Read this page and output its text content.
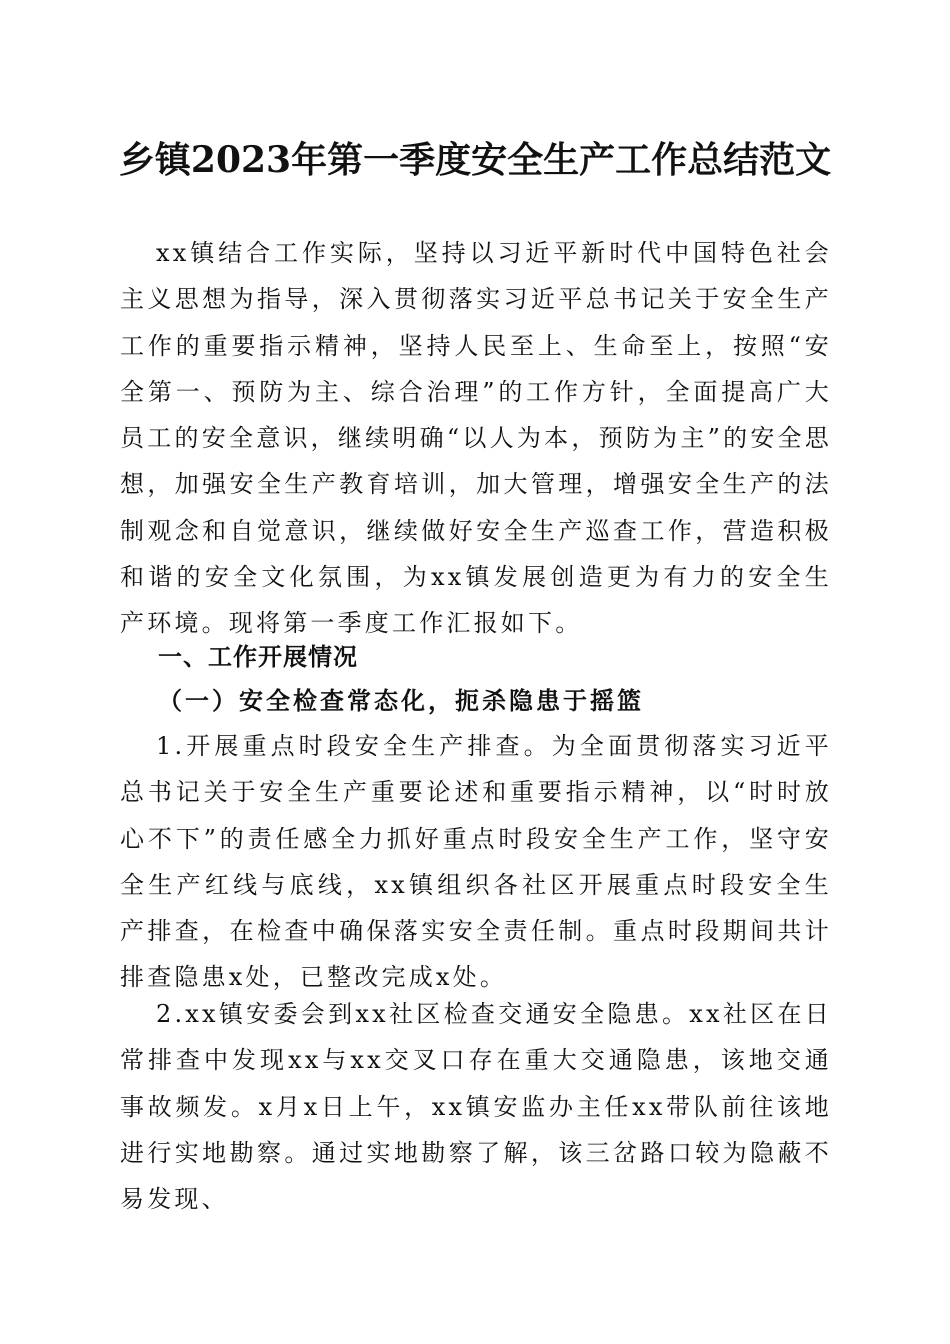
乡镇2023年第一季度安全生产工作总结范文

xx镇结合工作实际，坚持以习近平新时代中国特色社会主义思想为指导，深入贯彻落实习近平总书记关于安全生产工作的重要指示精神，坚持人民至上、生命至上，按照“安全第一、预防为主、综合治理”的工作方针，全面提高广大员工的安全意识，继续明确“以人为本，预防为主”的安全思想，加强安全生产教育培训，加大管理，增强安全生产的法制观念和自觉意识，继续做好安全生产巡查工作，营造积极和谐的安全文化氛围，为xx镇发展创造更为有力的安全生产环境。现将第一季度工作汇报如下。

一、工作开展情况
（一）安全检查常态化，扼杀隐患于摇篮

1.开展重点时段安全生产排查。为全面贯彻落实习近平总书记关于安全生产重要论述和重要指示精神，以“时时放心不下”的责任感全力抓好重点时段安全生产工作，坚守安全生产红线与底线，xx镇组织各社区开展重点时段安全生产排查，在检查中确保落实安全责任制。重点时段期间共计排查隐患x处，已整改完成x处。

2.xx镇安委会到xx社区检查交通安全隐患。xx社区在日常排查中发现xx与xx交叉口存在重大交通隐患，该地交通事故频发。x月x日上午，xx镇安监办主任xx带队前往该地进行实地勘察。通过实地勘察了解，该三岔路口较为隐蔽不易发现、
